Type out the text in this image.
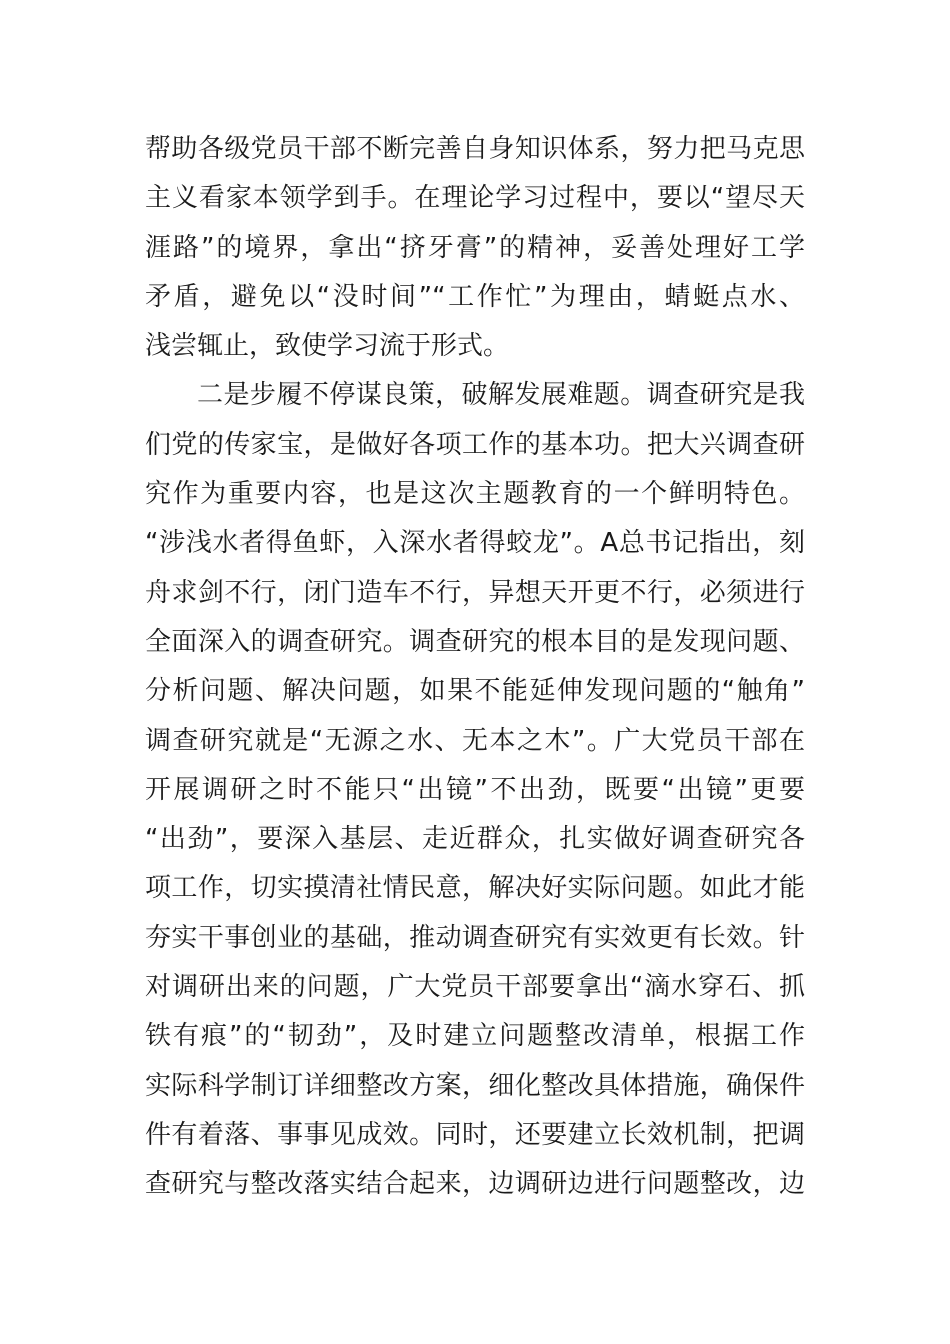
帮助各级党员干部不断完善自身知识体系，努力把马克思
主义看家本领学到手。在理论学习过程中，要以“望尽天
涯路”的境界，拿出“挤牙膏”的精神，妥善处理好工学
矛盾，避免以“没时间”“工作忙”为理由，蜻蜓点水、
浅尝辄止，致使学习流于形式。
二是步履不停谋良策，破解发展难题。调查研究是我
们党的传家宝，是做好各项工作的基本功。把大兴调查研
究作为重要内容，也是这次主题教育的一个鲜明特色。
“涉浅水者得鱼虾，入深水者得蛟龙”。A总书记指出，刻
舟求剑不行，闭门造车不行，异想天开更不行，必须进行
全面深入的调查研究。调查研究的根本目的是发现问题、
分析问题、解决问题，如果不能延伸发现问题的“触角”
调查研究就是“无源之水、无本之木”。广大党员干部在
开展调研之时不能只“出镜”不出劲，既要“出镜”更要
“出劲”，要深入基层、走近群众，扎实做好调查研究各
项工作，切实摸清社情民意，解决好实际问题。如此才能
夯实干事创业的基础，推动调查研究有实效更有长效。针
对调研出来的问题，广大党员干部要拿出“滴水穿石、抓
铁有痕”的“韧劲”，及时建立问题整改清单，根据工作
实际科学制订详细整改方案，细化整改具体措施，确保件
件有着落、事事见成效。同时，还要建立长效机制，把调
查研究与整改落实结合起来，边调研边进行问题整改，边
